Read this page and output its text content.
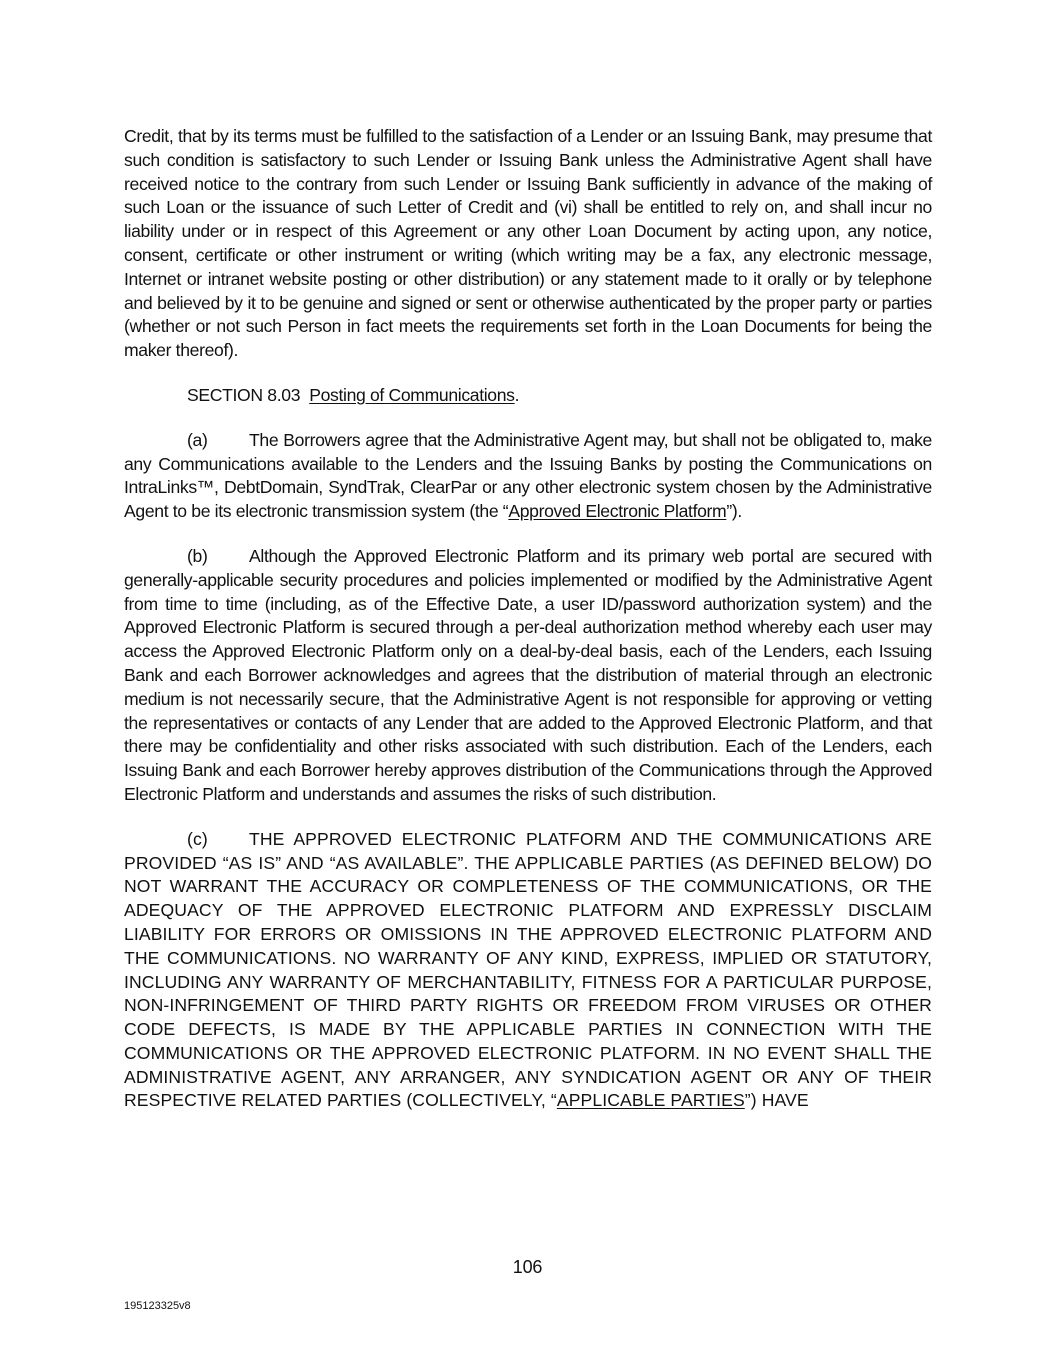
Credit, that by its terms must be fulfilled to the satisfaction of a Lender or an Issuing Bank, may presume that such condition is satisfactory to such Lender or Issuing Bank unless the Administrative Agent shall have received notice to the contrary from such Lender or Issuing Bank sufficiently in advance of the making of such Loan or the issuance of such Letter of Credit and (vi) shall be entitled to rely on, and shall incur no liability under or in respect of this Agreement or any other Loan Document by acting upon, any notice, consent, certificate or other instrument or writing (which writing may be a fax, any electronic message, Internet or intranet website posting or other distribution) or any statement made to it orally or by telephone and believed by it to be genuine and signed or sent or otherwise authenticated by the proper party or parties (whether or not such Person in fact meets the requirements set forth in the Loan Documents for being the maker thereof).

SECTION 8.03 Posting of Communications.

(a) The Borrowers agree that the Administrative Agent may, but shall not be obligated to, make any Communications available to the Lenders and the Issuing Banks by posting the Communications on IntraLinks™, DebtDomain, SyndTrak, ClearPar or any other electronic system chosen by the Administrative Agent to be its electronic transmission system (the “Approved Electronic Platform”).

(b) Although the Approved Electronic Platform and its primary web portal are secured with generally-applicable security procedures and policies implemented or modified by the Administrative Agent from time to time (including, as of the Effective Date, a user ID/password authorization system) and the Approved Electronic Platform is secured through a per-deal authorization method whereby each user may access the Approved Electronic Platform only on a deal-by-deal basis, each of the Lenders, each Issuing Bank and each Borrower acknowledges and agrees that the distribution of material through an electronic medium is not necessarily secure, that the Administrative Agent is not responsible for approving or vetting the representatives or contacts of any Lender that are added to the Approved Electronic Platform, and that there may be confidentiality and other risks associated with such distribution. Each of the Lenders, each Issuing Bank and each Borrower hereby approves distribution of the Communications through the Approved Electronic Platform and understands and assumes the risks of such distribution.

(c) THE APPROVED ELECTRONIC PLATFORM AND THE COMMUNICATIONS ARE PROVIDED “AS IS” AND “AS AVAILABLE”. THE APPLICABLE PARTIES (AS DEFINED BELOW) DO NOT WARRANT THE ACCURACY OR COMPLETENESS OF THE COMMUNICATIONS, OR THE ADEQUACY OF THE APPROVED ELECTRONIC PLATFORM AND EXPRESSLY DISCLAIM LIABILITY FOR ERRORS OR OMISSIONS IN THE APPROVED ELECTRONIC PLATFORM AND THE COMMUNICATIONS. NO WARRANTY OF ANY KIND, EXPRESS, IMPLIED OR STATUTORY, INCLUDING ANY WARRANTY OF MERCHANTABILITY, FITNESS FOR A PARTICULAR PURPOSE, NON-INFRINGEMENT OF THIRD PARTY RIGHTS OR FREEDOM FROM VIRUSES OR OTHER CODE DEFECTS, IS MADE BY THE APPLICABLE PARTIES IN CONNECTION WITH THE COMMUNICATIONS OR THE APPROVED ELECTRONIC PLATFORM. IN NO EVENT SHALL THE ADMINISTRATIVE AGENT, ANY ARRANGER, ANY SYNDICATION AGENT OR ANY OF THEIR RESPECTIVE RELATED PARTIES (COLLECTIVELY, “APPLICABLE PARTIES”) HAVE

106
195123325v8
